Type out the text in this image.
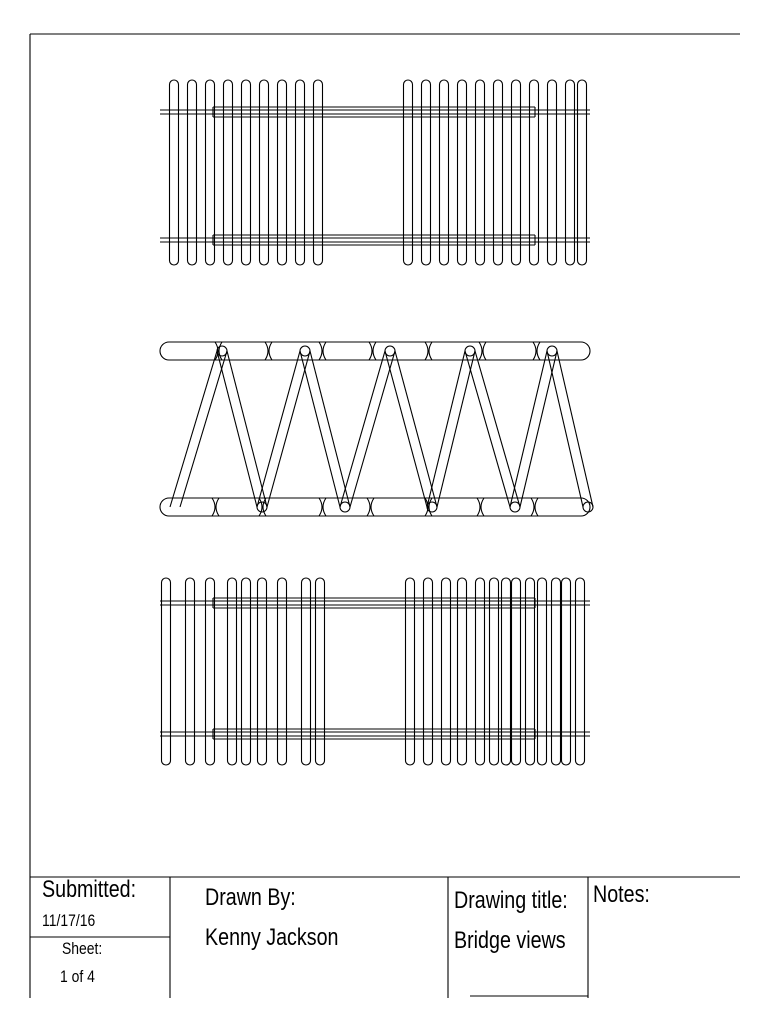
Submitted:
11/17/16
Sheet:
1 of 4
Drawn By:
Kenny Jackson
Drawing title:
Bridge views
Notes:
